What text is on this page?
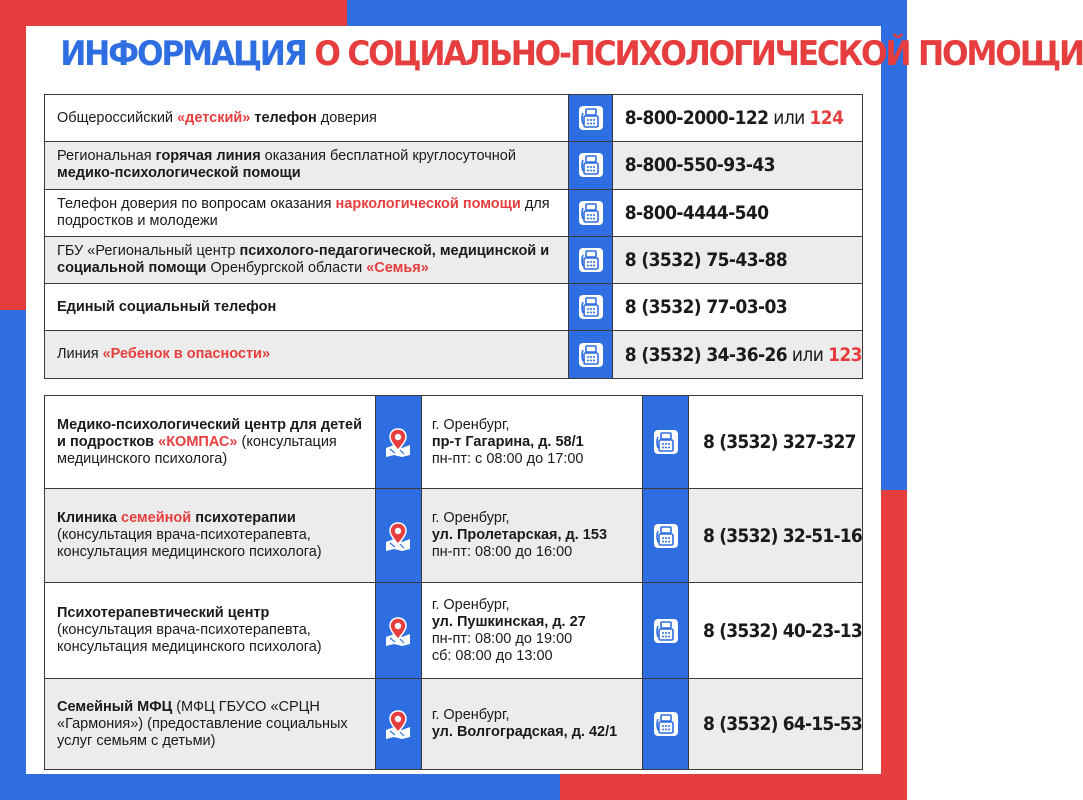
ИНФОРМАЦИЯ О СОЦИАЛЬНО-ПСИХОЛОГИЧЕСКОЙ ПОМОЩИ
Общероссийский «детский» телефон доверия		8-800-2000-122 или 124
Региональная горячая линия оказания бесплатной круглосуточной медико-психологической помощи		8-800-550-93-43
Телефон доверия по вопросам оказания наркологической помощи для подростков и молодежи		8-800-4444-540
ГБУ «Региональный центр психолого-педагогической, медицинской и социальной помощи Оренбургской области «Семья»		8 (3532) 75-43-88
Единый социальный телефон		8 (3532) 77-03-03
Линия «Ребенок в опасности»		8 (3532) 34-36-26 или 123
Медико-психологический центр для детей и подростков «КОМПАС» (консультация медицинского психолога)		г. Оренбург,
пр-т Гагарина, д. 58/1
пн-пт: с 08:00 до 17:00		8 (3532) 327-327
Клиника семейной психотерапии (консультация врача-психотерапевта, консультация медицинского психолога)		г. Оренбург,
ул. Пролетарская, д. 153
пн-пт: 08:00 до 16:00		8 (3532) 32-51-16
Психотерапевтический центр (консультация врача-психотерапевта, консультация медицинского психолога)		г. Оренбург,
ул. Пушкинская, д. 27
пн-пт: 08:00 до 19:00
сб: 08:00 до 13:00		8 (3532) 40-23-13
Семейный МФЦ (МФЦ ГБУСО «СРЦН «Гармония») (предоставление социальных услуг семьям с детьми)		г. Оренбург,
ул. Волгоградская, д. 42/1		8 (3532) 64-15-53
